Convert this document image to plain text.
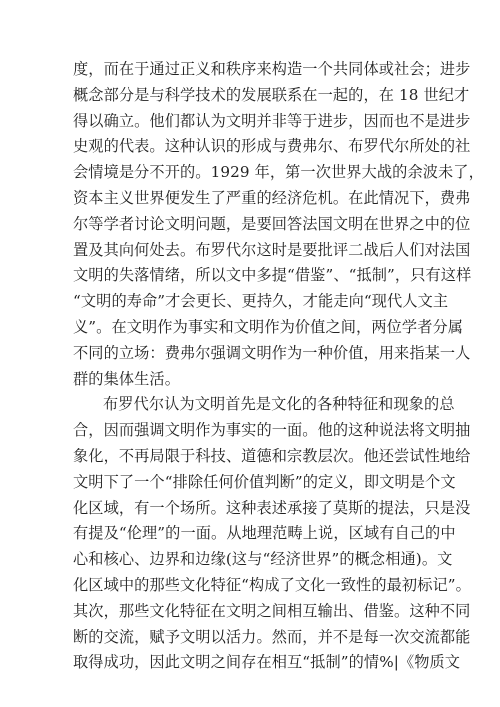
度，而在于通过正义和秩序来构造一个共同体或社会；进步
概念部分是与科学技术的发展联系在一起的，在 18 世纪才
得以确立。他们都认为文明并非等于进步，因而也不是进步
史观的代表。这种认识的形成与费弗尔、布罗代尔所处的社
会情境是分不开的。1929 年，第一次世界大战的余波未了，
资本主义世界便发生了严重的经济危机。在此情况下，费弗
尔等学者讨论文明问题，是要回答法国文明在世界之中的位
置及其向何处去。布罗代尔这时是要批评二战后人们对法国
文明的失落情绪，所以文中多提“借鉴”、“抵制”，只有这样
“文明的寿命”才会更长、更持久，才能走向“现代人文主
义”。在文明作为事实和文明作为价值之间，两位学者分属
不同的立场：费弗尔强调文明作为一种价值，用来指某一人
群的集体生活。
布罗代尔认为文明首先是文化的各种特征和现象的总
合，因而强调文明作为事实的一面。他的这种说法将文明抽
象化，不再局限于科技、道德和宗教层次。他还尝试性地给
文明下了一个“排除任何价值判断”的定义，即文明是个文
化区域，有一个场所。这种表述承接了莫斯的提法，只是没
有提及“伦理”的一面。从地理范畴上说，区域有自己的中
心和核心、边界和边缘(这与“经济世界”的概念相通)。文
化区域中的那些文化特征“构成了文化一致性的最初标记”。
其次，那些文化特征在文明之间相互输出、借鉴。这种不同
断的交流，赋予文明以活力。然而，并不是每一次交流都能
取得成功，因此文明之间存在相互“抵制”的情%|《物质文
